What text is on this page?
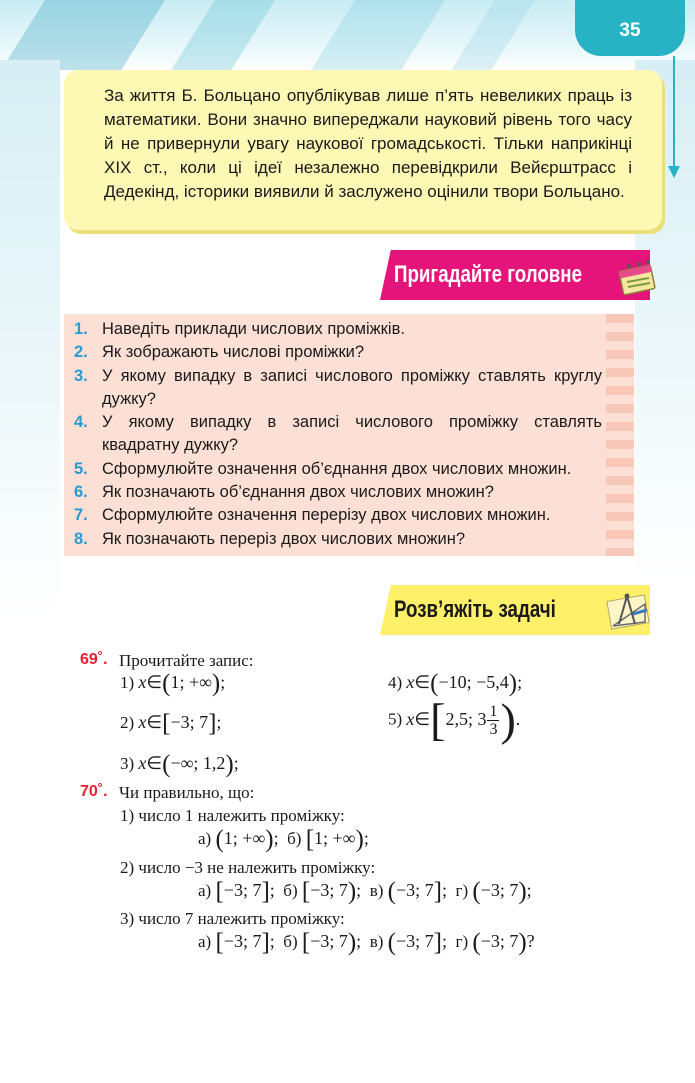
35
За життя Б. Больцано опублікував лише п’ять невеликих праць із математики. Вони значно випереджали науковий рівень того часу й не привернули увагу наукової громадськості. Тільки наприкінці XIX ст., коли ці ідеї незалежно перевідкрили Вейєрштрасс і Дедекінд, історики виявили й заслужено оцінили твори Больцано.
Пригадайте головне
1. Наведіть приклади числових проміжків.
2. Як зображають числові проміжки?
3. У якому випадку в записі числового проміжку ставлять круглу дужку?
4. У якому випадку в записі числового проміжку ставлять квадратну дужку?
5. Сформулюйте означення об’єднання двох числових множин.
6. Як позначають об’єднання двох числових множин?
7. Сформулюйте означення перерізу двох числових множин.
8. Як позначають переріз двох числових множин?
Розв’яжіть задачі
69˚. Прочитайте запис:
1) x∈(1; +∞);	4) x∈(−10; −5,4);
2) x∈[−3; 7];	5) x∈[2,5; $3 \frac{1}{3}$ ).
3) x∈(−∞; 1,2);
70˚. Чи правильно, що:
1) число 1 належить проміжку:
а) (1; +∞); б) [1; +∞);
2) число −3 не належить проміжку:
а) [−3; 7]; б) [−3; 7); в) (−3; 7]; г) (−3; 7);
3) число 7 належить проміжку:
а) [−3; 7]; б) [−3; 7); в) (−3; 7]; г) (−3; 7)?
